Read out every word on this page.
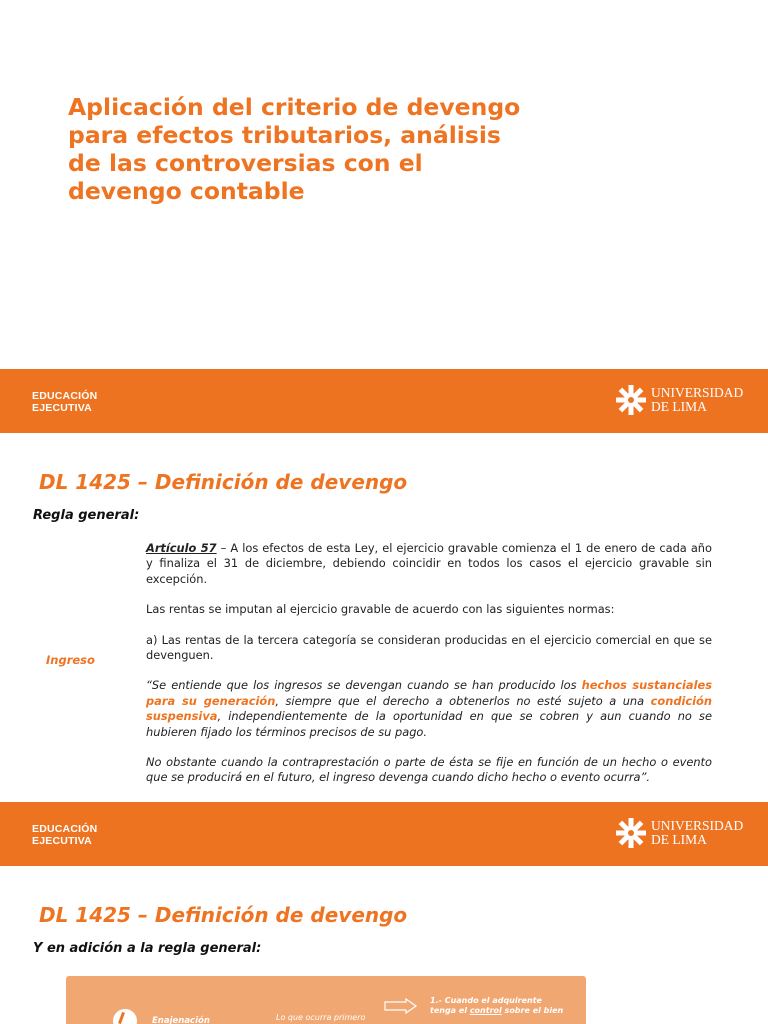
Aplicación del criterio de devengo para efectos tributarios, análisis de las controversias con el devengo contable
EDUCACIÓN
EJECUTIVA
UNIVERSIDAD
DE LIMA
DL 1425 – Definición de devengo

Regla general:

Ingreso

Artículo 57 – A los efectos de esta Ley, el ejercicio gravable comienza el 1 de enero de cada año y finaliza el 31 de diciembre, debiendo coincidir en todos los casos el ejercicio gravable sin excepción.

Las rentas se imputan al ejercicio gravable de acuerdo con las siguientes normas:

a) Las rentas de la tercera categoría se consideran producidas en el ejercicio comercial en que se devenguen.

“Se entiende que los ingresos se devengan cuando se han producido los hechos sustanciales para su generación, siempre que el derecho a obtenerlos no esté sujeto a una condición suspensiva, independientemente de la oportunidad en que se cobren y aun cuando no se hubieren fijado los términos precisos de su pago.

No obstante cuando la contraprestación o parte de ésta se fije en función de un hecho o evento que se producirá en el futuro, el ingreso devenga cuando dicho hecho o evento ocurra”.

EDUCACIÓN
EJECUTIVA
UNIVERSIDAD
DE LIMA
DL 1425 – Definición de devengo

Y en adición a la regla general:

Enajenación	Lo que ocurra primero
1.- Cuando el adquirente tenga el control sobre el bien
